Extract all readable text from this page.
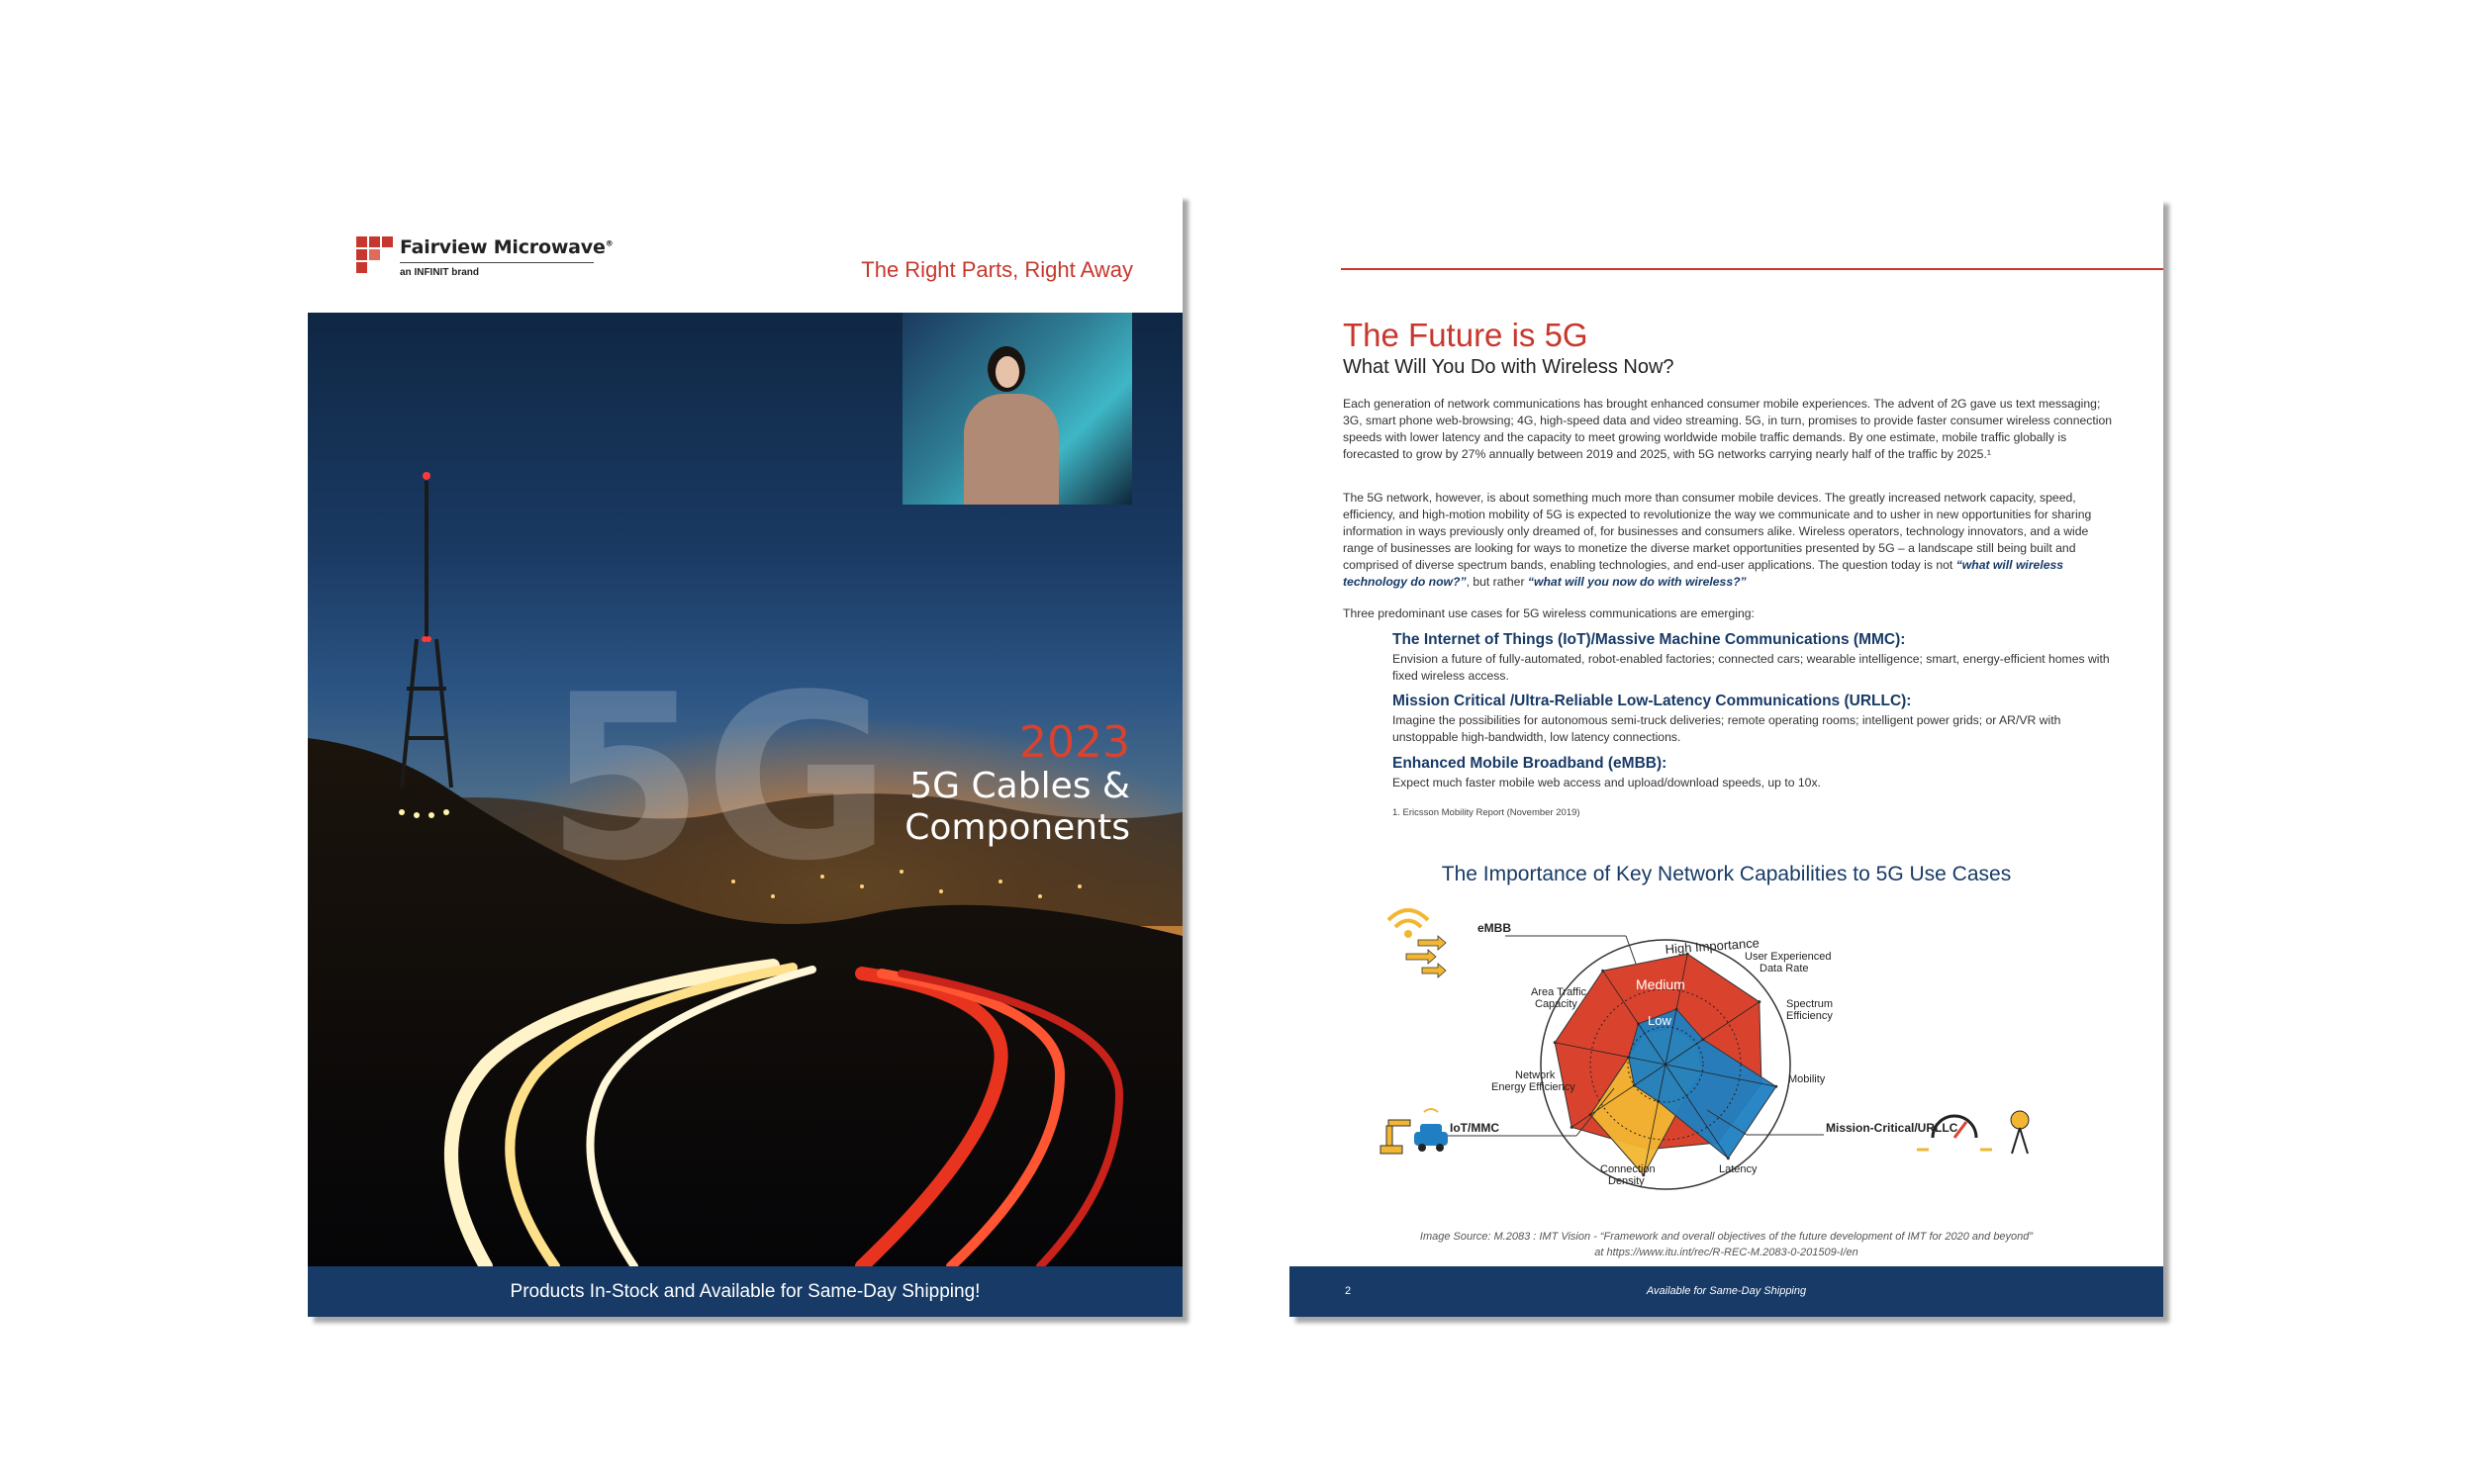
Fairview Microwave®
an INFINIT brand	The Right Parts, Right Away
5G	2023
5G Cables &
Components
Products In-Stock and Available for Same-Day Shipping!
The Future is 5G
What Will You Do with Wireless Now?
Each generation of network communications has brought enhanced consumer mobile experiences. The advent of 2G gave us text messaging; 3G, smart phone web-browsing; 4G, high-speed data and video streaming. 5G, in turn, promises to provide faster consumer wireless connection speeds with lower latency and the capacity to meet growing worldwide mobile traffic demands. By one estimate, mobile traffic globally is forecasted to grow by 27% annually between 2019 and 2025, with 5G networks carrying nearly half of the traffic by 2025.¹
The 5G network, however, is about something much more than consumer mobile devices. The greatly increased network capacity, speed, efficiency, and high-motion mobility of 5G is expected to revolutionize the way we communicate and to usher in new opportunities for sharing information in ways previously only dreamed of, for businesses and consumers alike. Wireless operators, technology innovators, and a wide range of businesses are looking for ways to monetize the diverse market opportunities presented by 5G – a landscape still being built and comprised of diverse spectrum bands, enabling technologies, and end-user applications. The question today is not “what will wireless technology do now?”, but rather “what will you now do with wireless?”
Three predominant use cases for 5G wireless communications are emerging:
The Internet of Things (IoT)/Massive Machine Communications (MMC):
Envision a future of fully-automated, robot-enabled factories; connected cars; wearable intelligence; smart, energy-efficient homes with fixed wireless access.
Mission Critical /Ultra-Reliable Low-Latency Communications (URLLC):
Imagine the possibilities for autonomous semi-truck deliveries; remote operating rooms; intelligent power grids; or AR/VR with unstoppable high-bandwidth, low latency connections.
Enhanced Mobile Broadband (eMBB):
Expect much faster mobile web access and upload/download speeds, up to 10x.
1. Ericsson Mobility Report (November 2019)
The Importance of Key Network Capabilities to 5G Use Cases
High Importance
Medium
Low
User Experienced
Data Rate
Spectrum
Efficiency
Mobility
Latency
Connection
Density
Network
Energy Efficiency
Area Traffic
Capacity
eMBB
IoT/MMC	Mission-Critical/URLLC
Image Source: M.2083 : IMT Vision - “Framework and overall objectives of the future development of IMT for 2020 and beyond”
at https://www.itu.int/rec/R-REC-M.2083-0-201509-I/en
2	Available for Same-Day Shipping
